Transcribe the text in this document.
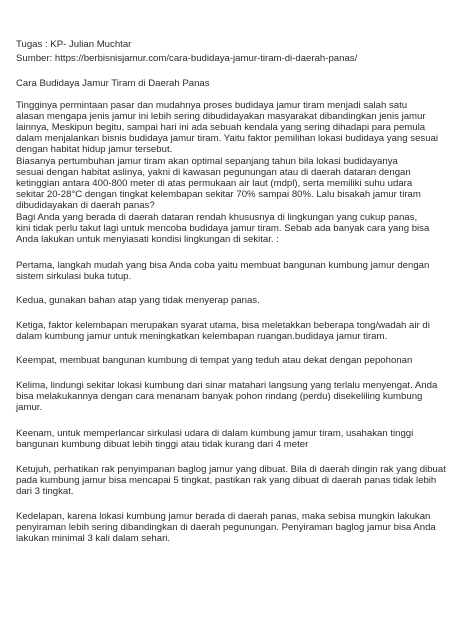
Tugas : KP- Julian Muchtar
Sumber: https://berbisnisjamur.com/cara-budidaya-jamur-tiram-di-daerah-panas/
Cara Budidaya Jamur Tiram di Daerah Panas
Tingginya permintaan pasar dan mudahnya proses budidaya jamur tiram menjadi salah satu
alasan mengapa jenis jamur ini lebih sering dibudidayakan masyarakat dibandingkan jenis jamur
lainnya, Meskipun begitu, sampai hari ini ada sebuah kendala yang sering dihadapi para pemula
dalam menjalankan bisnis budidaya jamur tiram. Yaitu faktor pemilihan lokasi budidaya yang sesuai
dengan habitat hidup jamur tersebut.
Biasanya pertumbuhan jamur tiram akan optimal sepanjang tahun bila lokasi budidayanya
sesuai dengan habitat aslinya, yakni di kawasan pegunungan atau di daerah dataran dengan
ketinggian antara 400-800 meter di atas permukaan air laut (mdpl), serta memiliki suhu udara
sekitar 20-28°C dengan tingkat kelembapan sekitar 70% sampai 80%. Lalu bisakah jamur tiram
dibudidayakan di daerah panas?
Bagi Anda yang berada di daerah dataran rendah khususnya di lingkungan yang cukup panas,
kini tidak perlu takut lagi untuk mencoba budidaya jamur tiram. Sebab ada banyak cara yang bisa
Anda lakukan untuk menyiasati kondisi lingkungan di sekitar. :
Pertama, langkah mudah yang bisa Anda coba yaitu membuat bangunan kumbung jamur dengan
sistem sirkulasi buka tutup.
Kedua, gunakan bahan atap yang tidak menyerap panas.
Ketiga, faktor kelembapan merupakan syarat utama, bisa meletakkan beberapa tong/wadah air di
dalam kumbung jamur untuk meningkatkan kelembapan ruangan.budidaya jamur tiram.
Keempat, membuat bangunan kumbung di tempat yang teduh atau dekat dengan pepohonan
Kelima, lindungi sekitar lokasi kumbung dari sinar matahari langsung yang terlalu menyengat. Anda
bisa melakukannya dengan cara menanam banyak pohon rindang (perdu) disekeliling kumbung
jamur.
Keenam, untuk memperlancar sirkulasi udara di dalam kumbung jamur tiram, usahakan tinggi
bangunan kumbung dibuat lebih tinggi atau tidak kurang dari 4 meter
Ketujuh, perhatikan rak penyimpanan baglog jamur yang dibuat. Bila di daerah dingin rak yang dibuat
pada kumbung jamur bisa mencapai 5 tingkat, pastikan rak yang dibuat di daerah panas tidak lebih
dari 3 tingkat.
Kedelapan, karena lokasi kumbung jamur berada di daerah panas, maka sebisa mungkin lakukan
penyiraman lebih sering dibandingkan di daerah pegunungan. Penyiraman baglog jamur bisa Anda
lakukan minimal 3 kali dalam sehari.
